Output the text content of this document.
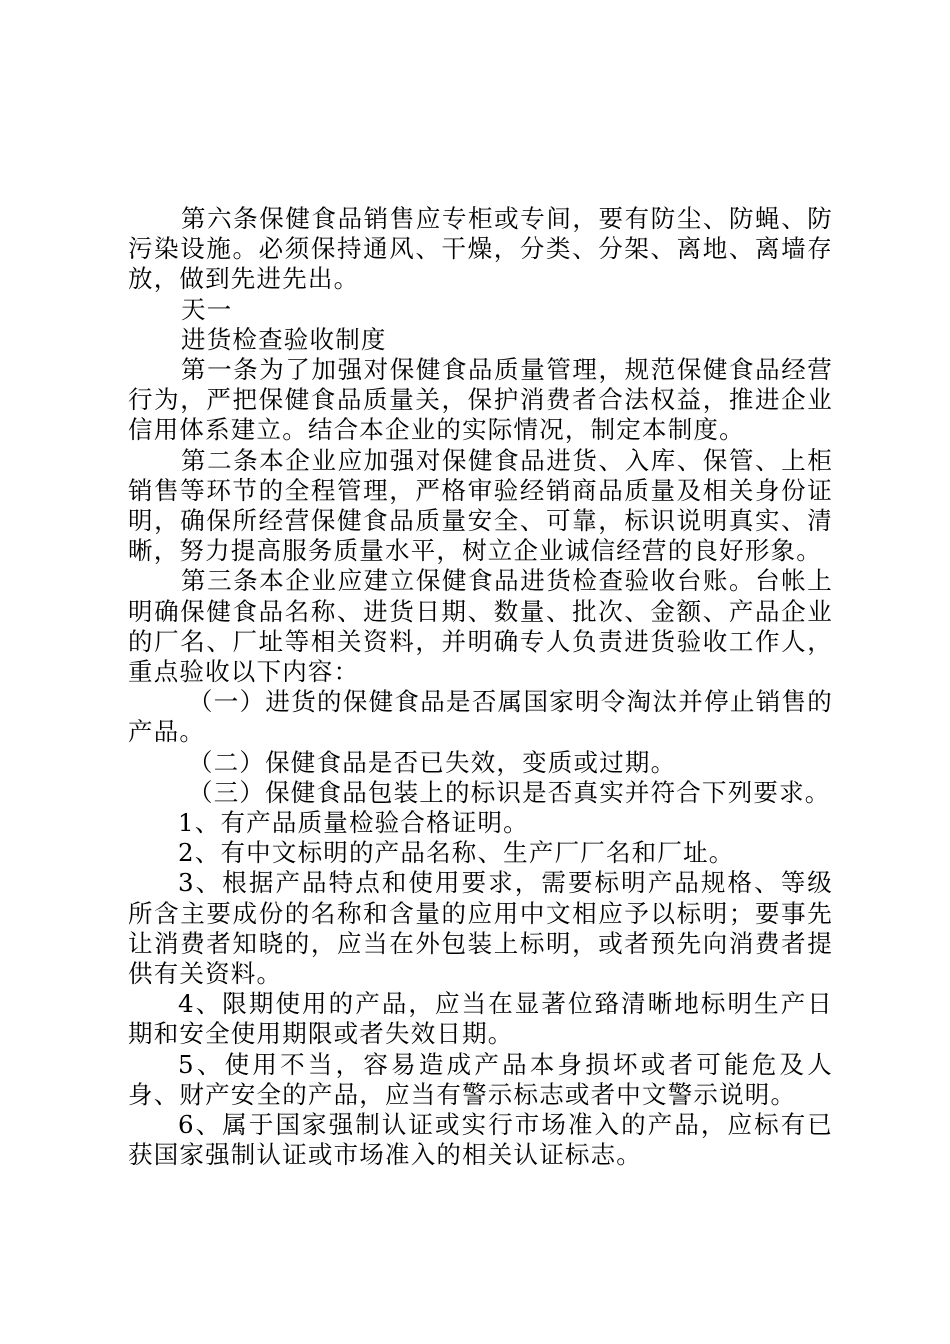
第六条保健食品销售应专柜或专间，要有防尘、防蝇、防污染设施。必须保持通风、干燥，分类、分架、离地、离墙存放，做到先进先出。

天一

进货检查验收制度

第一条为了加强对保健食品质量管理，规范保健食品经营行为，严把保健食品质量关，保护消费者合法权益，推进企业信用体系建立。结合本企业的实际情况，制定本制度。

第二条本企业应加强对保健食品进货、入库、保管、上柜销售等环节的全程管理，严格审验经销商品质量及相关身份证明，确保所经营保健食品质量安全、可靠，标识说明真实、清晰，努力提高服务质量水平，树立企业诚信经营的良好形象。

第三条本企业应建立保健食品进货检查验收台账。台帐上明确保健食品名称、进货日期、数量、批次、金额、产品企业的厂名、厂址等相关资料，并明确专人负责进货验收工作人，重点验收以下内容：

（一）进货的保健食品是否属国家明令淘汰并停止销售的产品。

（二）保健食品是否已失效，变质或过期。

（三）保健食品包装上的标识是否真实并符合下列要求。

1、有产品质量检验合格证明。

2、有中文标明的产品名称、生产厂厂名和厂址。

3、根据产品特点和使用要求，需要标明产品规格、等级所含主要成份的名称和含量的应用中文相应予以标明；要事先让消费者知晓的，应当在外包装上标明，或者预先向消费者提供有关资料。

4、限期使用的产品，应当在显著位臵清晰地标明生产日期和安全使用期限或者失效日期。

5、使用不当，容易造成产品本身损坏或者可能危及人身、财产安全的产品，应当有警示标志或者中文警示说明。

6、属于国家强制认证或实行市场准入的产品，应标有已获国家强制认证或市场准入的相关认证标志。
